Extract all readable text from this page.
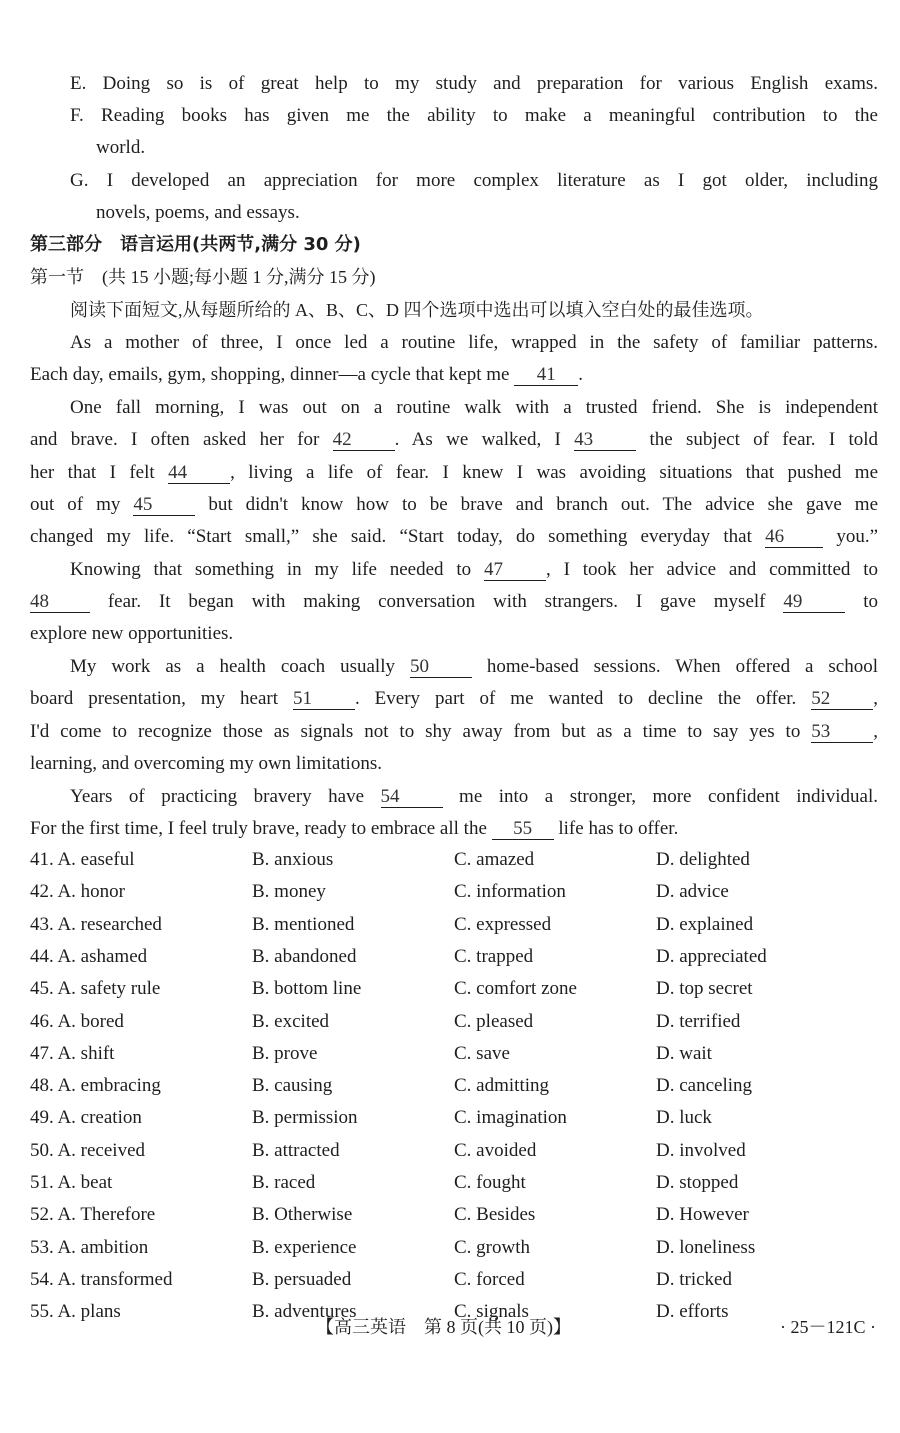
E. Doing so is of great help to my study and preparation for various English exams.
F. Reading books has given me the ability to make a meaningful contribution to the
world.
G. I developed an appreciation for more complex literature as I got older, including
novels, poems, and essays.
第三部分　语言运用(共两节,满分 30 分)
第一节　(共 15 小题;每小题 1 分,满分 15 分)
阅读下面短文,从每题所给的 A、B、C、D 四个选项中选出可以填入空白处的最佳选项。
As a mother of three, I once led a routine life, wrapped in the safety of familiar patterns.
Each day, emails, gym, shopping, dinner—a cycle that kept me 41 .
One fall morning, I was out on a routine walk with a trusted friend. She is independent
and brave. I often asked her for 42 . As we walked, I 43	the subject of fear. I told
her that I felt 44 , living a life of fear. I knew I was avoiding situations that pushed me
out of my 45	but didn't know how to be brave and branch out. The advice she gave me
changed my life. “Start small,” she said. “Start today, do something everyday that 46	you.”
Knowing that something in my life needed to 47 , I took her advice and committed to
48	fear. It began with making conversation with strangers. I gave myself 49	to
explore new opportunities.
My work as a health coach usually 50	home-based sessions. When offered a school
board presentation, my heart 51 . Every part of me wanted to decline the offer. 52 ,
I'd come to recognize those as signals not to shy away from but as a time to say yes to 53 ,
learning, and overcoming my own limitations.
Years of practicing bravery have 54	me into a stronger, more confident individual.
For the first time, I feel truly brave, ready to embrace all the 55 life has to offer.
41. A. easeful	B. anxious	C. amazed	D. delighted
42. A. honor	B. money	C. information	D. advice
43. A. researched	B. mentioned	C. expressed	D. explained
44. A. ashamed	B. abandoned	C. trapped	D. appreciated
45. A. safety rule	B. bottom line	C. comfort zone	D. top secret
46. A. bored	B. excited	C. pleased	D. terrified
47. A. shift	B. prove	C. save	D. wait
48. A. embracing	B. causing	C. admitting	D. canceling
49. A. creation	B. permission	C. imagination	D. luck
50. A. received	B. attracted	C. avoided	D. involved
51. A. beat	B. raced	C. fought	D. stopped
52. A. Therefore	B. Otherwise	C. Besides	D. However
53. A. ambition	B. experience	C. growth	D. loneliness
54. A. transformed	B. persuaded	C. forced	D. tricked
55. A. plans	B. adventures	C. signals	D. efforts
【高三英语　第 8 页(共 10 页)】	· 25－121C ·
